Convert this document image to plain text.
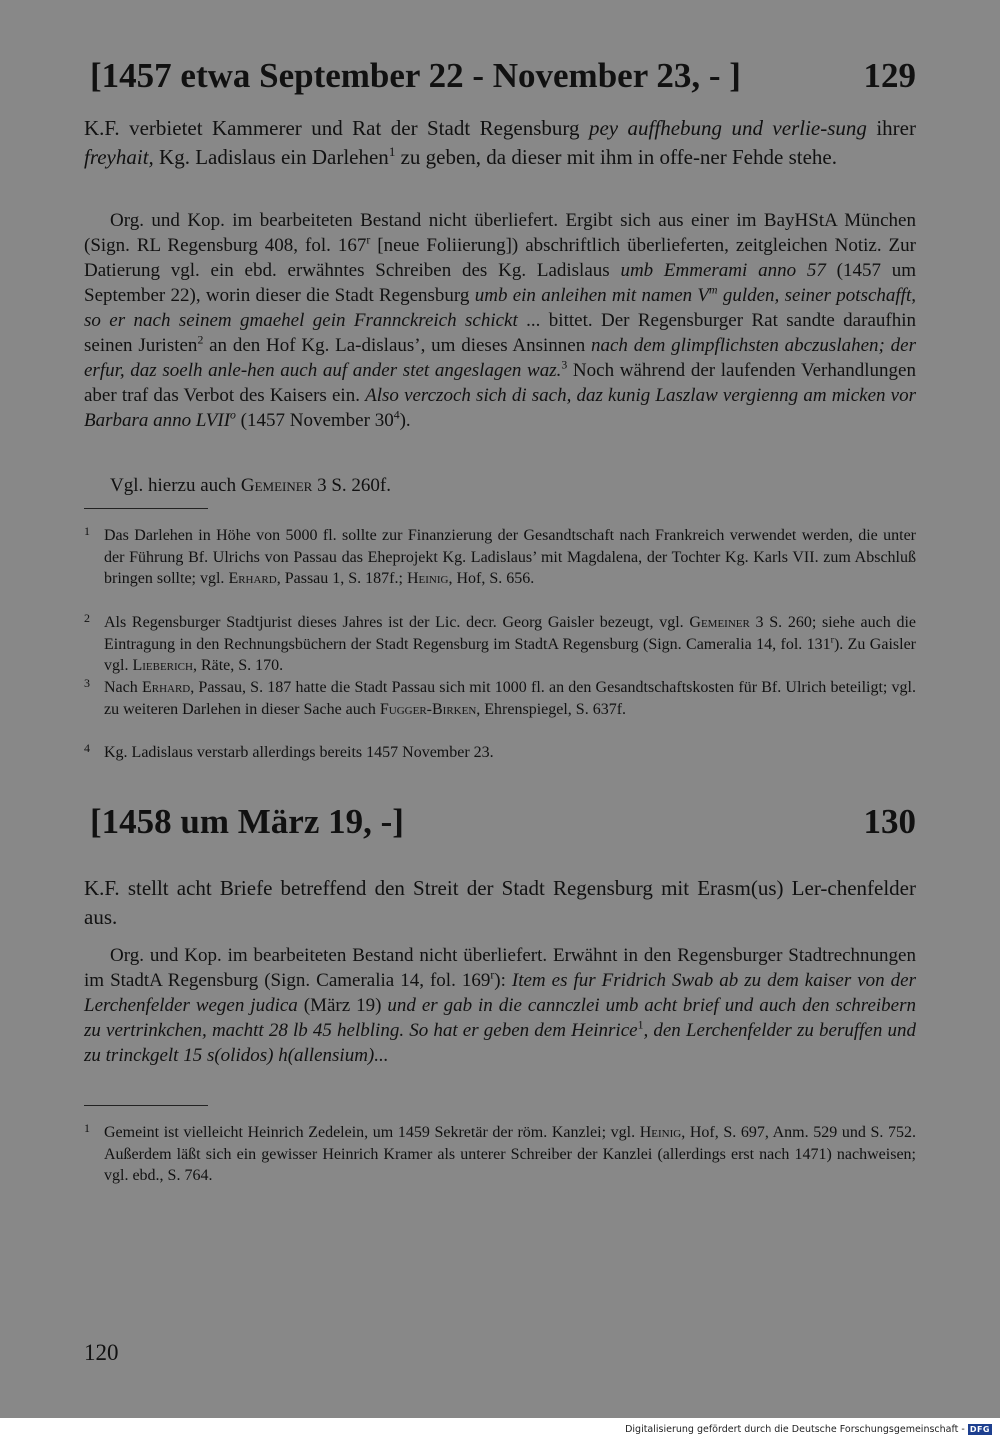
[1457 etwa September 22 - November 23, - ]	129

K.F. verbietet Kammerer und Rat der Stadt Regensburg pey auffhebung und verlie-sung ihrer freyhait, Kg. Ladislaus ein Darlehen$^1$ zu geben, da dieser mit ihm in offe-ner Fehde stehe.

Org. und Kop. im bearbeiteten Bestand nicht überliefert. Ergibt sich aus einer im BayHStA München (Sign. RL Regensburg 408, fol. 167$^r$ [neue Foliierung]) abschriftlich überlieferten, zeitgleichen Notiz. Zur Datierung vgl. ein ebd. erwähntes Schreiben des Kg. Ladislaus umb Emmerami anno 57 (1457 um September 22), worin dieser die Stadt Regensburg umb ein anleihen mit namen $V^m$ gulden, seiner potschafft, so er nach seinem gmaehel gein Frannckreich schickt ... bittet. Der Regensburger Rat sandte daraufhin seinen Juristen$^2$ an den Hof Kg. La-dislaus’, um dieses Ansinnen nach dem glimpflichsten abczuslahen; der erfur, daz soelh anle-hen auch auf ander stet angeslagen waz.$^3$ Noch während der laufenden Verhandlungen aber traf das Verbot des Kaisers ein. Also verczoch sich di sach, daz kunig Laszlaw vergienng am micken vor Barbara anno LVII$^o$ (1457 November $30^4$).

Vgl. hierzu auch Gemeiner 3 S. 260f.

1 Das Darlehen in Höhe von 5000 fl. sollte zur Finanzierung der Gesandtschaft nach Frankreich verwendet werden, die unter der Führung Bf. Ulrichs von Passau das Eheprojekt Kg. Ladislaus’ mit Magdalena, der Tochter Kg. Karls VII. zum Abschluß bringen sollte; vgl. Erhard, Passau 1, S. 187f.; Heinig, Hof, S. 656.
2 Als Regensburger Stadtjurist dieses Jahres ist der Lic. decr. Georg Gaisler bezeugt, vgl. Gemeiner 3 S. 260; siehe auch die Eintragung in den Rechnungsbüchern der Stadt Regensburg im StadtA Regensburg (Sign. Cameralia 14, fol. 131$^r$). Zu Gaisler vgl. Lieberich, Räte, S. 170.
3 Nach Erhard, Passau, S. 187 hatte die Stadt Passau sich mit 1000 fl. an den Gesandtschaftskosten für Bf. Ulrich beteiligt; vgl. zu weiteren Darlehen in dieser Sache auch Fugger-Birken, Ehrenspiegel, S. 637f.
4 Kg. Ladislaus verstarb allerdings bereits 1457 November 23.
[1458 um März 19, -]	130

K.F. stellt acht Briefe betreffend den Streit der Stadt Regensburg mit Erasm(us) Ler-chenfelder aus.

Org. und Kop. im bearbeiteten Bestand nicht überliefert. Erwähnt in den Regensburger Stadtrechnungen im StadtA Regensburg (Sign. Cameralia 14, fol. 169$^r$): Item es fur Fridrich Swab ab zu dem kaiser von der Lerchenfelder wegen judica (März 19) und er gab in die cannczlei umb acht brief und auch den schreibern zu vertrinkchen, machtt 28 lb 45 helbling. So hat er geben dem Heinrice$^1$, den Lerchenfelder zu beruffen und zu trinckgelt 15 s(olidos) h(allensium)...

1 Gemeint ist vielleicht Heinrich Zedelein, um 1459 Sekretär der röm. Kanzlei; vgl. Heinig, Hof, S. 697, Anm. 529 und S. 752. Außerdem läßt sich ein gewisser Heinrich Kramer als unterer Schreiber der Kanzlei (allerdings erst nach 1471) nachweisen; vgl. ebd., S. 764.
120
Digitalisierung gefördert durch die Deutsche Forschungsgemeinschaft - DFG
